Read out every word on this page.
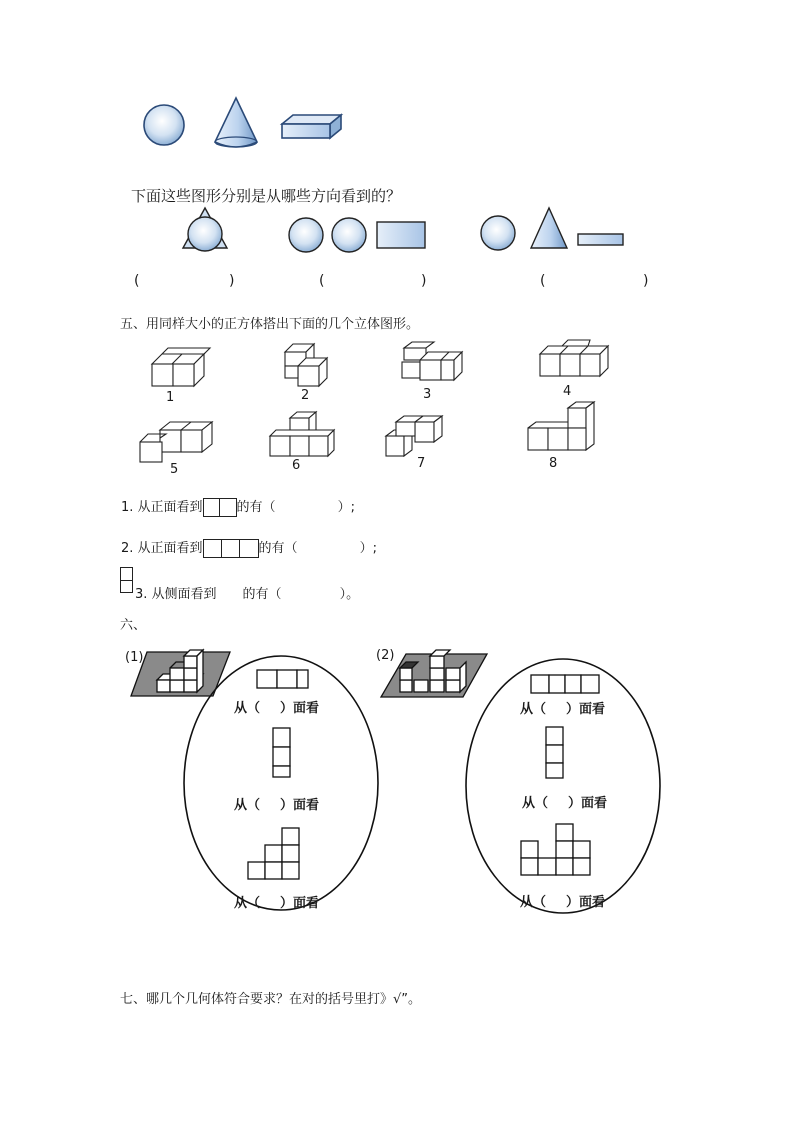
下面这些图形分别是从哪些方向看到的？
(	)	(	)	(	)
五、用同样大小的正方体搭出下面的几个立体图形。
1	2	3	4
5	6	7	8
1. 从正面看到	的有（	）;
2. 从正面看到	的有（	）;
3. 从侧面看到 的有（	）。
六、
(1)	(2)
从（ ）面看
从（ ）面看
从（ ）面看
从（ ）面看
从（ ）面看
从（ ）面看
七、哪几个几何体符合要求？在对的括号里打》√”。
